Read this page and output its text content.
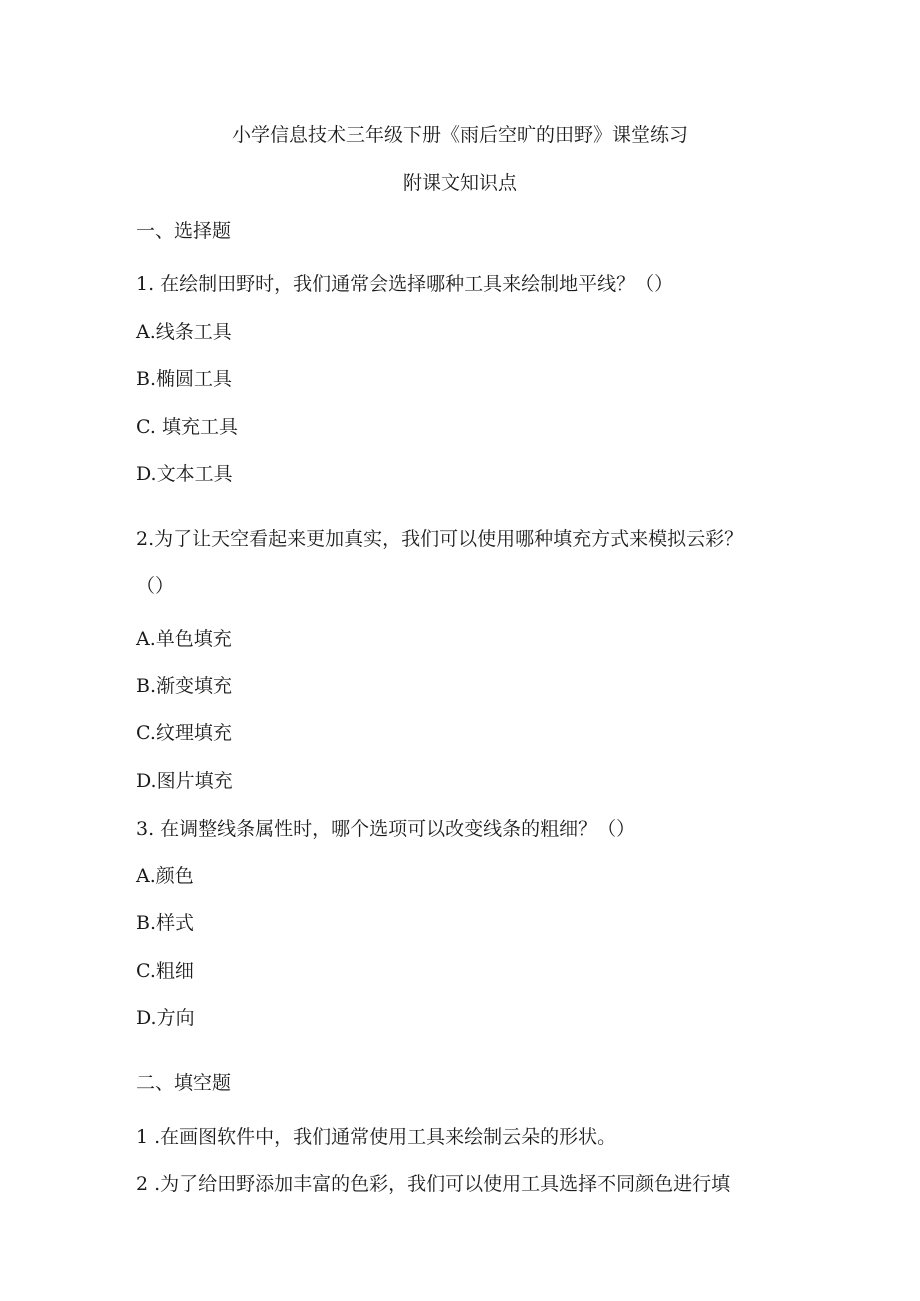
小学信息技术三年级下册《雨后空旷的田野》课堂练习
附课文知识点
一、选择题
1. 在绘制田野时，我们通常会选择哪种工具来绘制地平线？（）
A.线条工具
B.椭圆工具
C. 填充工具
D.文本工具
2.为了让天空看起来更加真实，我们可以使用哪种填充方式来模拟云彩？
（）
A.单色填充
B.渐变填充
C.纹理填充
D.图片填充
3. 在调整线条属性时，哪个选项可以改变线条的粗细？（）
A.颜色
B.样式
C.粗细
D.方向
二、填空题
1 .在画图软件中，我们通常使用工具来绘制云朵的形状。
2 .为了给田野添加丰富的色彩，我们可以使用工具选择不同颜色进行填
